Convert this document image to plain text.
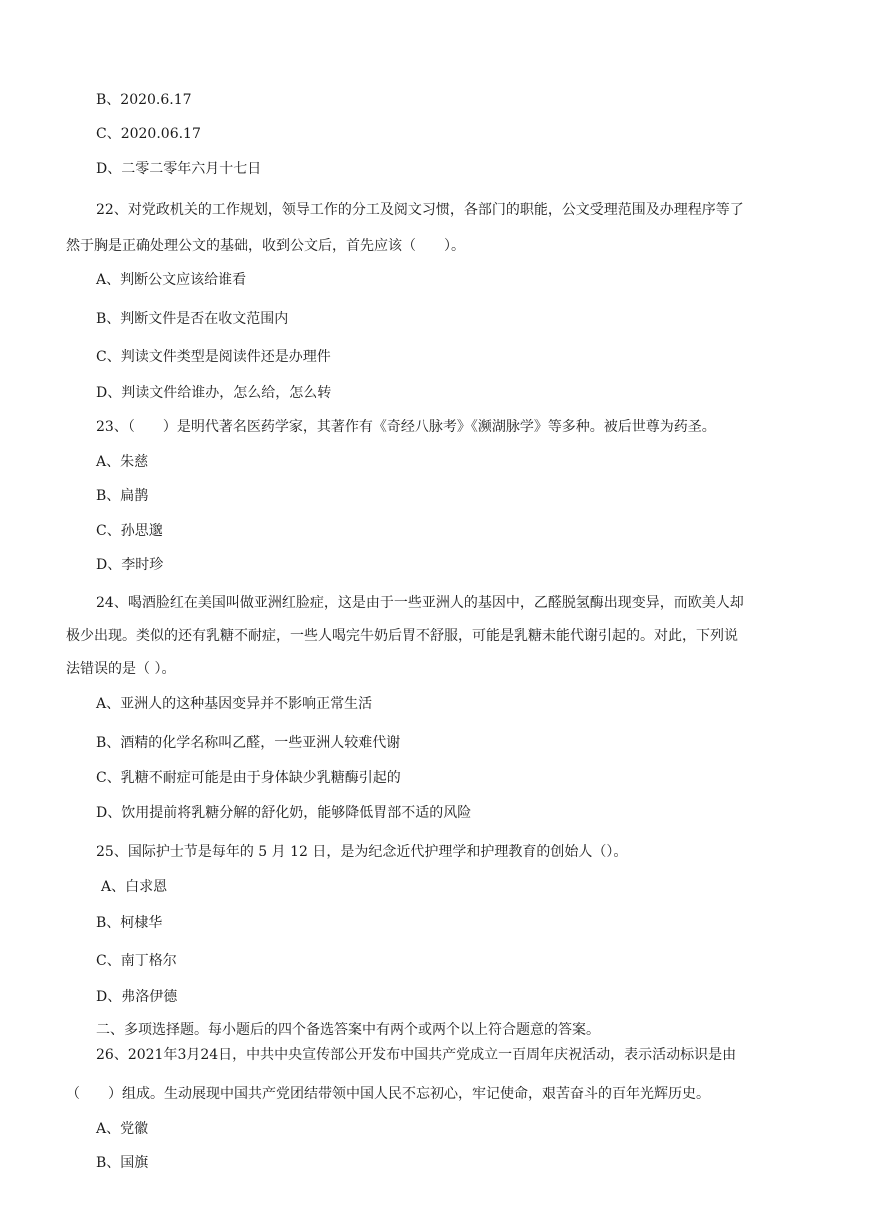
B、2020.6.17
C、2020.06.17
D、二零二零年六月十七日
22、对党政机关的工作规划，领导工作的分工及阅文习惯，各部门的职能，公文受理范围及办理程序等了
然于胸是正确处理公文的基础，收到公文后，首先应该（　　）。
A、判断公文应该给谁看
B、判断文件是否在收文范围内
C、判读文件类型是阅读件还是办理件
D、判读文件给谁办，怎么给，怎么转
23、（　　）是明代著名医药学家，其著作有《奇经八脉考》《濒湖脉学》等多种。被后世尊为药圣。
A、朱慈
B、扁鹊
C、孙思邈
D、李时珍
24、喝酒脸红在美国叫做亚洲红脸症，这是由于一些亚洲人的基因中，乙醛脱氢酶出现变异，而欧美人却
极少出现。类似的还有乳糖不耐症，一些人喝完牛奶后胃不舒服，可能是乳糖未能代谢引起的。对此，下列说
法错误的是（ ）。
A、亚洲人的这种基因变异并不影响正常生活
B、酒精的化学名称叫乙醛，一些亚洲人较难代谢
C、乳糖不耐症可能是由于身体缺少乳糖酶引起的
D、饮用提前将乳糖分解的舒化奶，能够降低胃部不适的风险
25、国际护士节是每年的 5 月 12 日，是为纪念近代护理学和护理教育的创始人（）。
A、白求恩
B、柯棣华
C、南丁格尔
D、弗洛伊德
二、多项选择题。每小题后的四个备选答案中有两个或两个以上符合题意的答案。
26、2021年3月24日，中共中央宣传部公开发布中国共产党成立一百周年庆祝活动，表示活动标识是由
（　　）组成。生动展现中国共产党团结带领中国人民不忘初心，牢记使命，艰苦奋斗的百年光辉历史。
A、党徽
B、国旗
